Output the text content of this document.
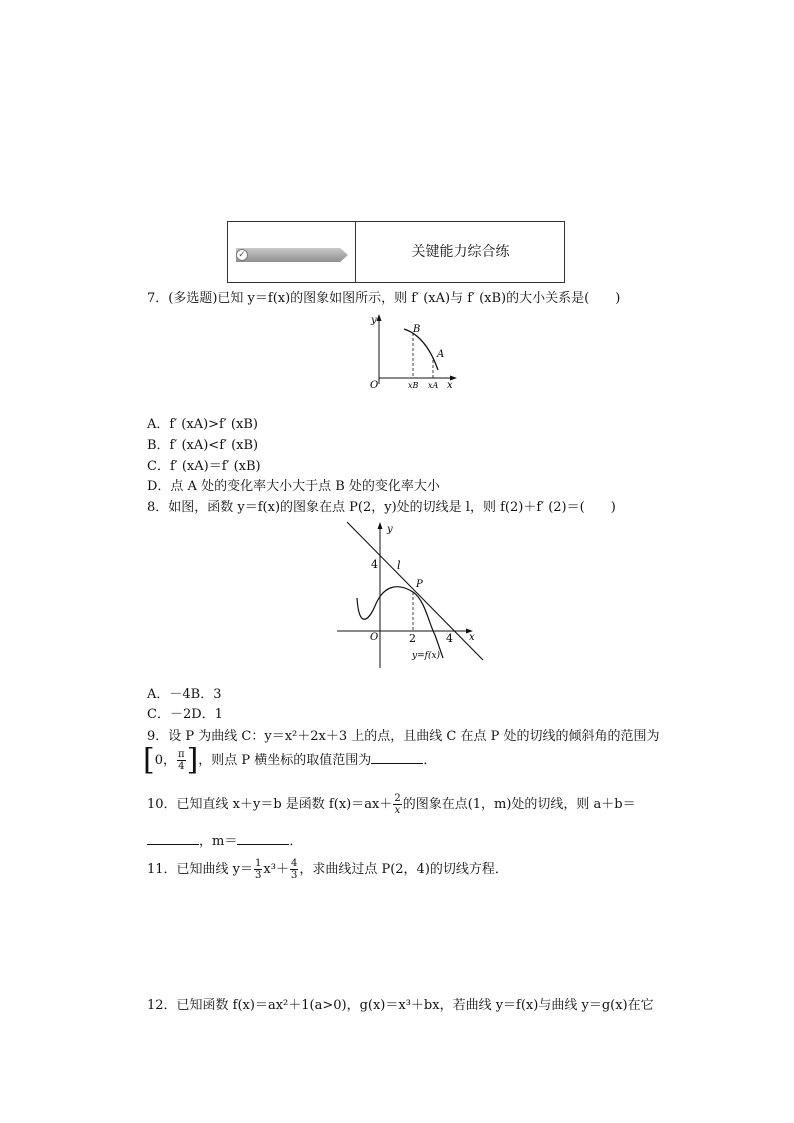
✓	关键能力综合练
7．(多选题)已知 y＝f(x)的图象如图所示，则 f′ (xA)与 f′ (xB)的大小关系是(　　)
y
O	x
B
A
xB xA
A．f′ (xA)>f′ (xB)
B．f′ (xA)<f′ (xB)
C．f′ (xA)＝f′ (xB)
D．点 A 处的变化率大小大于点 B 处的变化率大小
8．如图，函数 y＝f(x)的图象在点 P(2，y)处的切线是 l，则 f(2)＋f′ (2)＝(　　)
y
O	x
4
2	4
l
P
y=f(x)
A．－4B．3
C．－2D．1
9．设 P 为曲线 C：y＝x²＋2x＋3 上的点，且曲线 C 在点 P 处的切线的倾斜角的范围为
[0， $\frac{\pi}{4}$ ]，则点 P 横坐标的取值范围为	．
10．已知直线 x＋y＝b 是函数 $f(x)=ax+ \frac{2}{x}$ 的图象在点(1，m)处的切线，则 a＋b＝
，m＝	．
11．已知曲线 $y= \frac{1}{3} x^3+ \frac{4}{3}$ ，求曲线过点 P(2，4)的切线方程．
12．已知函数 f(x)＝ax²＋1(a>0)，g(x)＝x³＋bx，若曲线 y＝f(x)与曲线 y＝g(x)在它
